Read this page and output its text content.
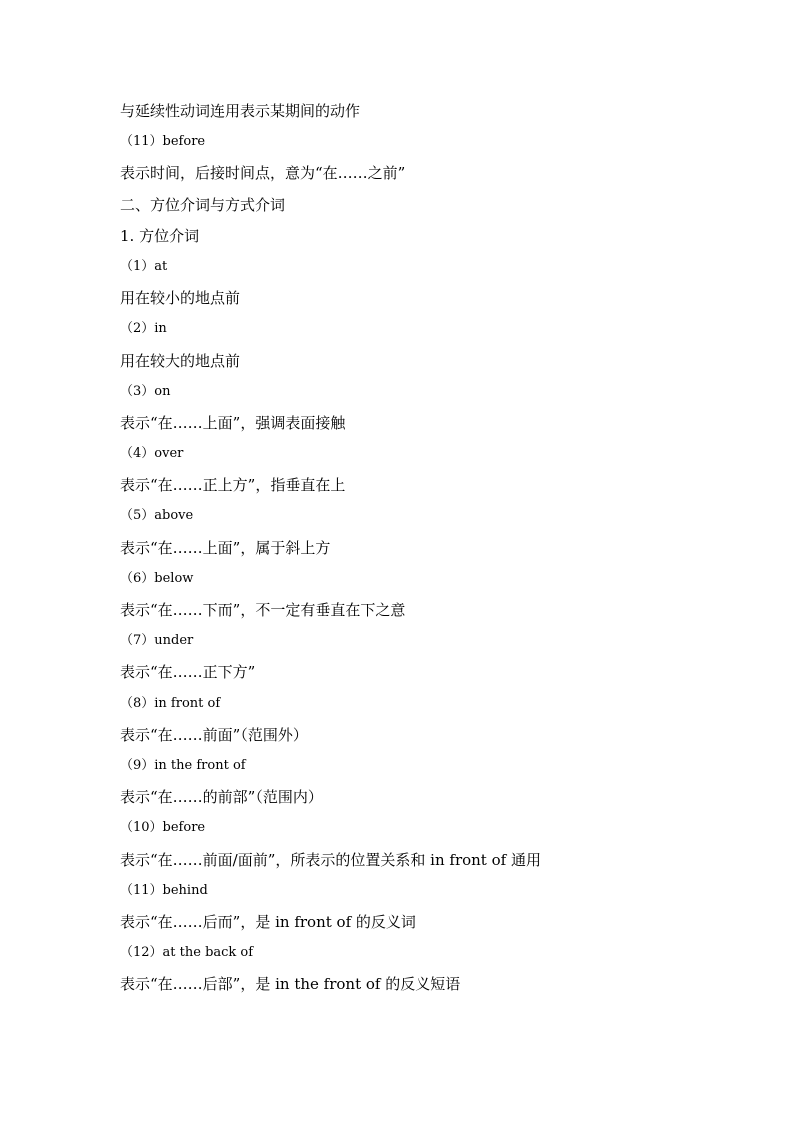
与延续性动词连用表示某期间的动作
（11）before
表示时间，后接时间点，意为“在……之前”
二、方位介词与方式介词
1. 方位介词
（1）at
用在较小的地点前
（2）in
用在较大的地点前
（3）on
表示“在……上面”，强调表面接触
（4）over
表示“在……正上方”，指垂直在上
（5）above
表示“在……上面”，属于斜上方
（6）below
表示“在……下而”，不一定有垂直在下之意
（7）under
表示“在……正下方”
（8）in front of
表示“在……前面”（范围外）
（9）in the front of
表示“在……的前部”（范围内）
（10）before
表示“在……前面/面前”，所表示的位置关系和 in front of 通用
（11）behind
表示“在……后而”，是 in front of 的反义词
（12）at the back of
表示“在……后部”，是 in the front of 的反义短语
